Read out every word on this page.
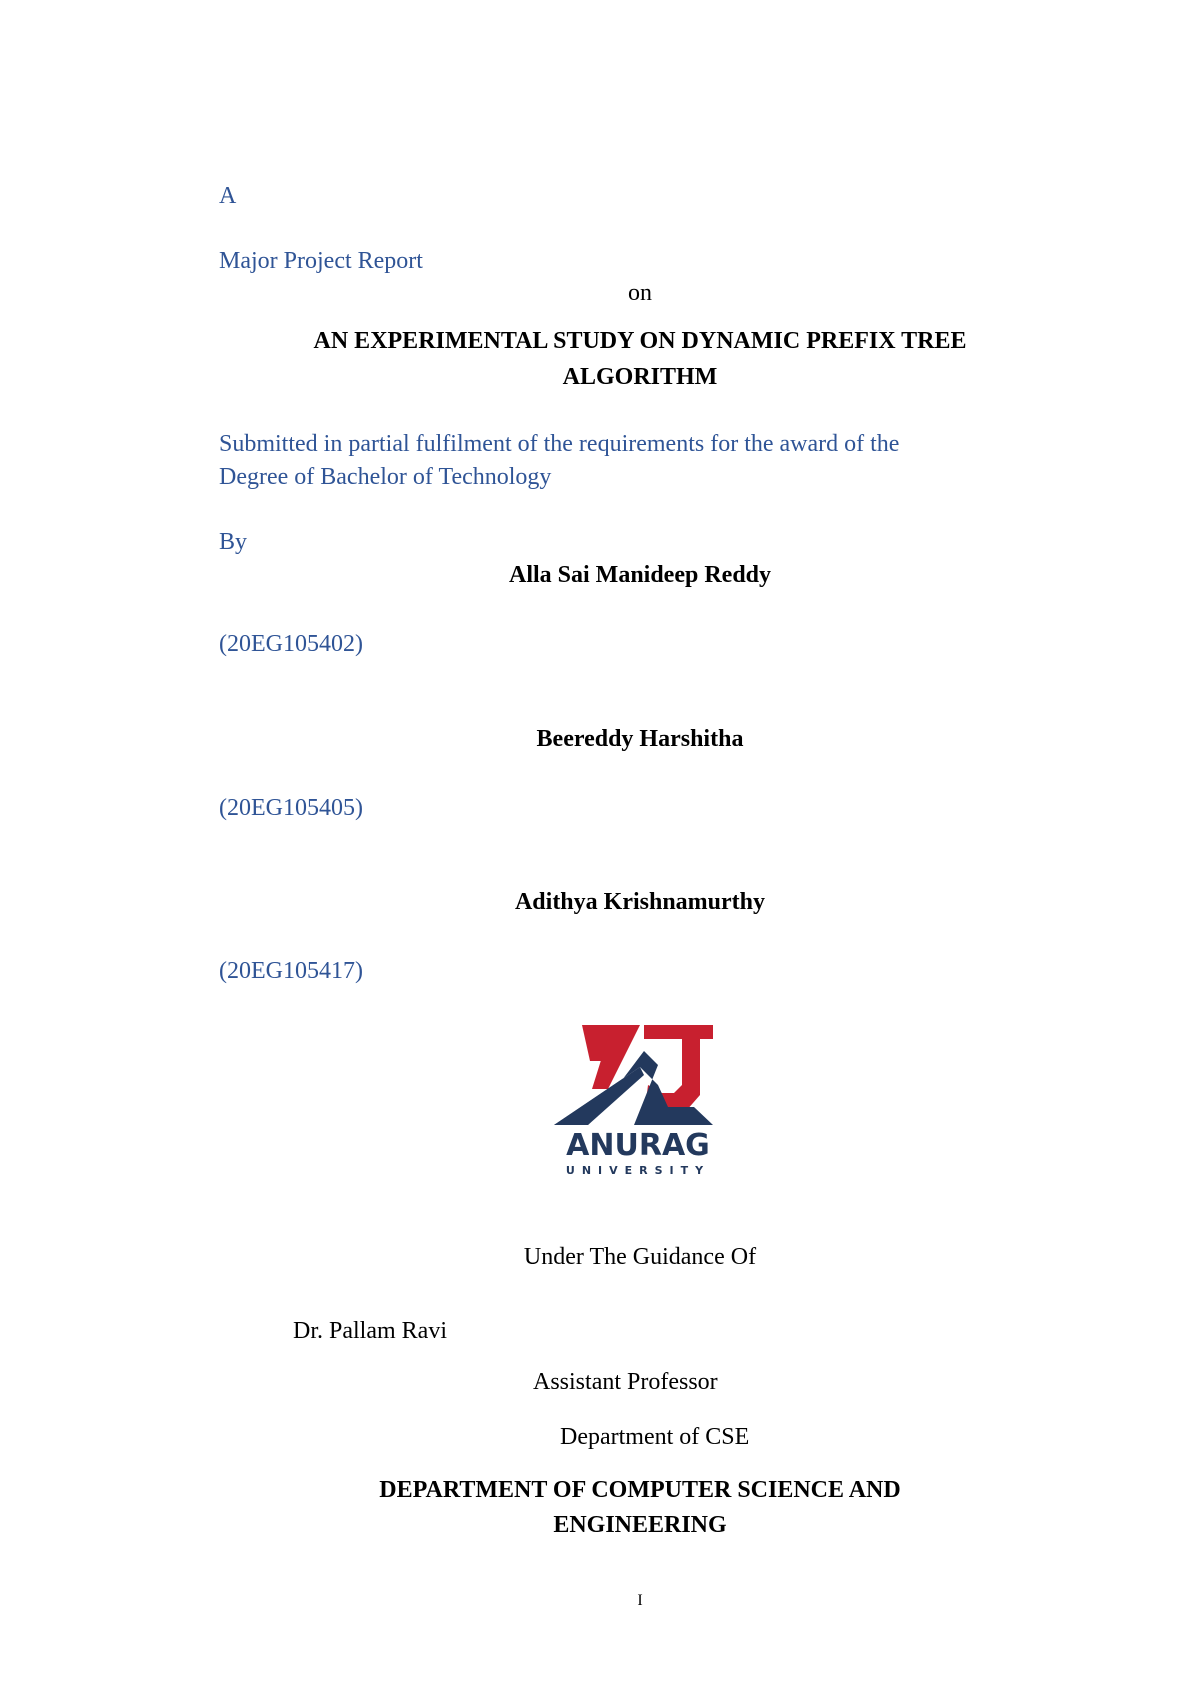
A
Major Project Report
on
AN EXPERIMENTAL STUDY ON DYNAMIC PREFIX TREE
ALGORITHM
Submitted in partial fulfilment of the requirements for the award of the
Degree of Bachelor of Technology
By
Alla Sai Manideep Reddy
(20EG105402)
Beereddy Harshitha
(20EG105405)
Adithya Krishnamurthy
(20EG105417)
ANURAG
UNIVERSITY
Under The Guidance Of
Dr. Pallam Ravi
Assistant Professor
Department of CSE
DEPARTMENT OF COMPUTER SCIENCE AND
ENGINEERING
I
